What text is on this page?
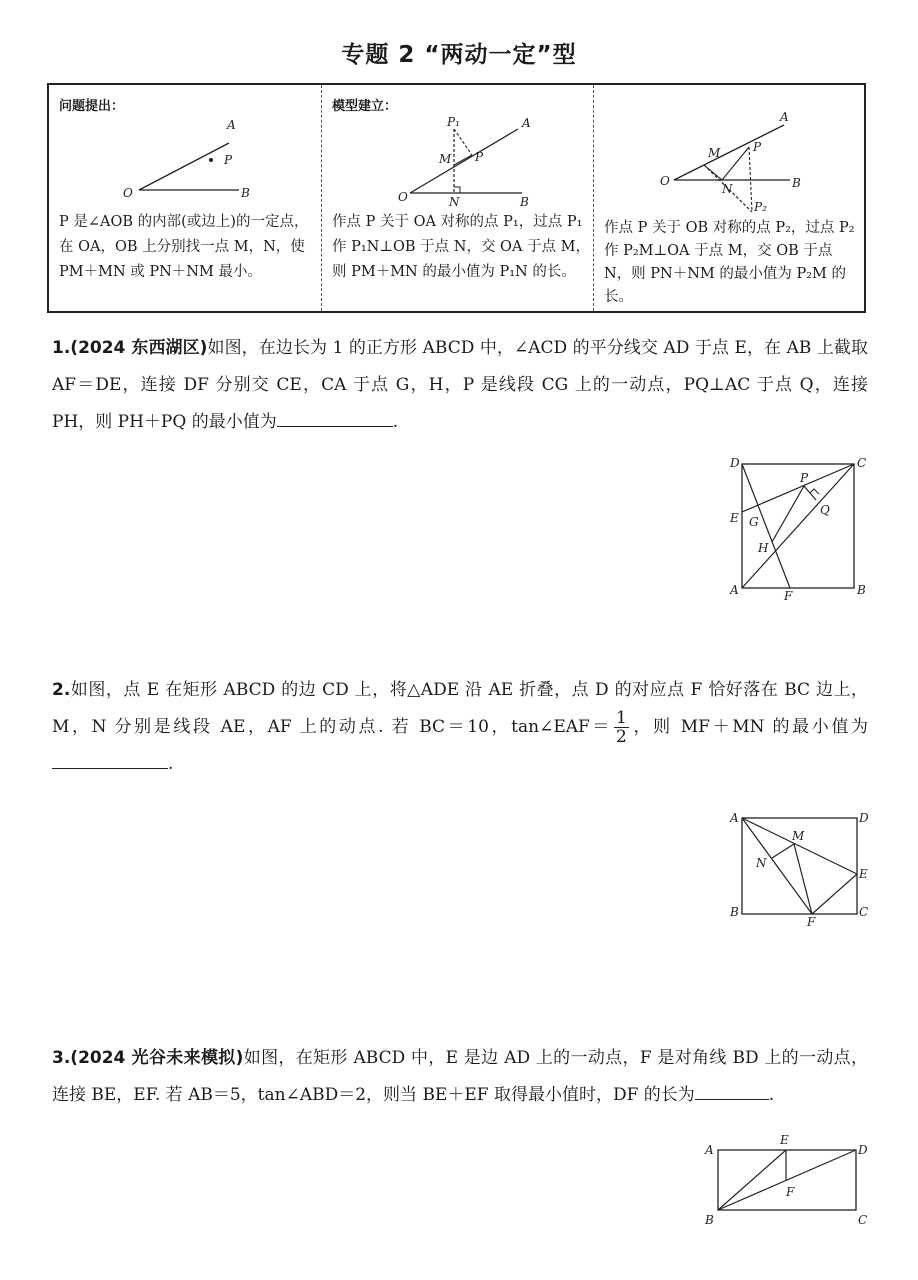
专题 2 “两动一定”型
问题提出：
A
P
O	B
P 是∠AOB 的内部(或边上)的一定点，在 OA，OB 上分别找一点 M，N，使 PM＋MN 或 PN＋NM 最小。
模型建立：
P₁	A
M P
O	N	B
作点 P 关于 OA 对称的点 P₁，过点 P₁ 作 P₁N⊥OB 于点 N，交 OA 于点 M，则 PM＋MN 的最小值为 P₁N 的长。
A
M	P
O
N	B
P₂
作点 P 关于 OB 对称的点 P₂，过点 P₂ 作 P₂M⊥OA 于点 M，交 OB 于点 N，则 PN＋NM 的最小值为 P₂M 的长。
1.(2024 东西湖区)如图，在边长为 1 的正方形 ABCD 中，∠ACD 的平分线交 AD 于点 E，在 AB 上截取 AF＝DE，连接 DF 分别交 CE，CA 于点 G，H，P 是线段 CG 上的一动点，PQ⊥AC 于点 Q，连接 PH，则 PH＋PQ 的最小值为	.
D	C
P
Q
E G
H
A	F	B
2.如图，点 E 在矩形 ABCD 的边 CD 上，将△ADE 沿 AE 折叠，点 D 的对应点 F 恰好落在 BC 边上，M，N 分别是线段 AE，AF 上的动点. 若 BC＝10，tan∠EAF＝ $\frac{1}{2}$ ，则 MF＋MN 的最小值为.
A	D
M
N
E
B
F
C
3.(2024 光谷未来模拟)如图，在矩形 ABCD 中，E 是边 AD 上的一动点，F 是对角线 BD 上的一动点，连接 BE，EF. 若 AB＝5，tan∠ABD＝2，则当 BE＋EF 取得最小值时，DF 的长为	.
A
E
D
F
B	C
